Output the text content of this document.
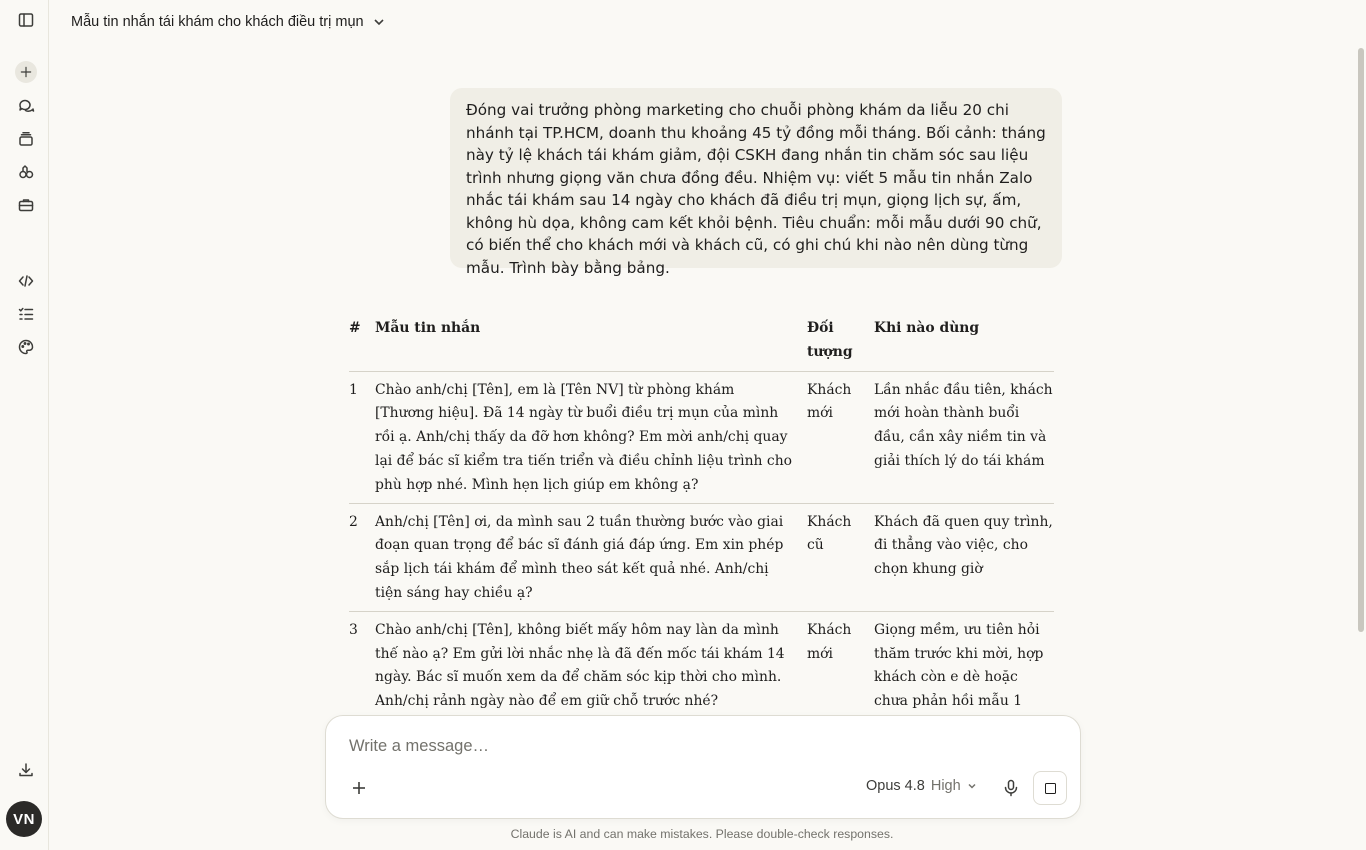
VN
Mẫu tin nhắn tái khám cho khách điều trị mụn
Đóng vai trưởng phòng marketing cho chuỗi phòng khám da liễu 20 chi nhánh tại TP.HCM, doanh thu khoảng 45 tỷ đồng mỗi tháng. Bối cảnh: tháng này tỷ lệ khách tái khám giảm, đội CSKH đang nhắn tin chăm sóc sau liệu trình nhưng giọng văn chưa đồng đều. Nhiệm vụ: viết 5 mẫu tin nhắn Zalo nhắc tái khám sau 14 ngày cho khách đã điều trị mụn, giọng lịch sự, ấm, không hù dọa, không cam kết khỏi bệnh. Tiêu chuẩn: mỗi mẫu dưới 90 chữ, có biến thể cho khách mới và khách cũ, có ghi chú khi nào nên dùng từng mẫu. Trình bày bằng bảng.
#	Mẫu tin nhắn	Đối tượng	Khi nào dùng
1	Chào anh/chị [Tên], em là [Tên NV] từ phòng khám [Thương hiệu]. Đã 14 ngày từ buổi điều trị mụn của mình rồi ạ. Anh/chị thấy da đỡ hơn không? Em mời anh/chị quay lại để bác sĩ kiểm tra tiến triển và điều chỉnh liệu trình cho phù hợp nhé. Mình hẹn lịch giúp em không ạ?	Khách mới	Lần nhắc đầu tiên, khách mới hoàn thành buổi đầu, cần xây niềm tin và giải thích lý do tái khám
2	Anh/chị [Tên] ơi, da mình sau 2 tuần thường bước vào giai đoạn quan trọng để bác sĩ đánh giá đáp ứng. Em xin phép sắp lịch tái khám để mình theo sát kết quả nhé. Anh/chị tiện sáng hay chiều ạ?	Khách cũ	Khách đã quen quy trình, đi thẳng vào việc, cho chọn khung giờ
3	Chào anh/chị [Tên], không biết mấy hôm nay làn da mình thế nào ạ? Em gửi lời nhắc nhẹ là đã đến mốc tái khám 14 ngày. Bác sĩ muốn xem da để chăm sóc kịp thời cho mình. Anh/chị rảnh ngày nào để em giữ chỗ trước nhé?	Khách mới	Giọng mềm, ưu tiên hỏi thăm trước khi mời, hợp khách còn e dè hoặc chưa phản hồi mẫu 1
Write a message…
Opus 4.8 High
Claude is AI and can make mistakes. Please double-check responses.
